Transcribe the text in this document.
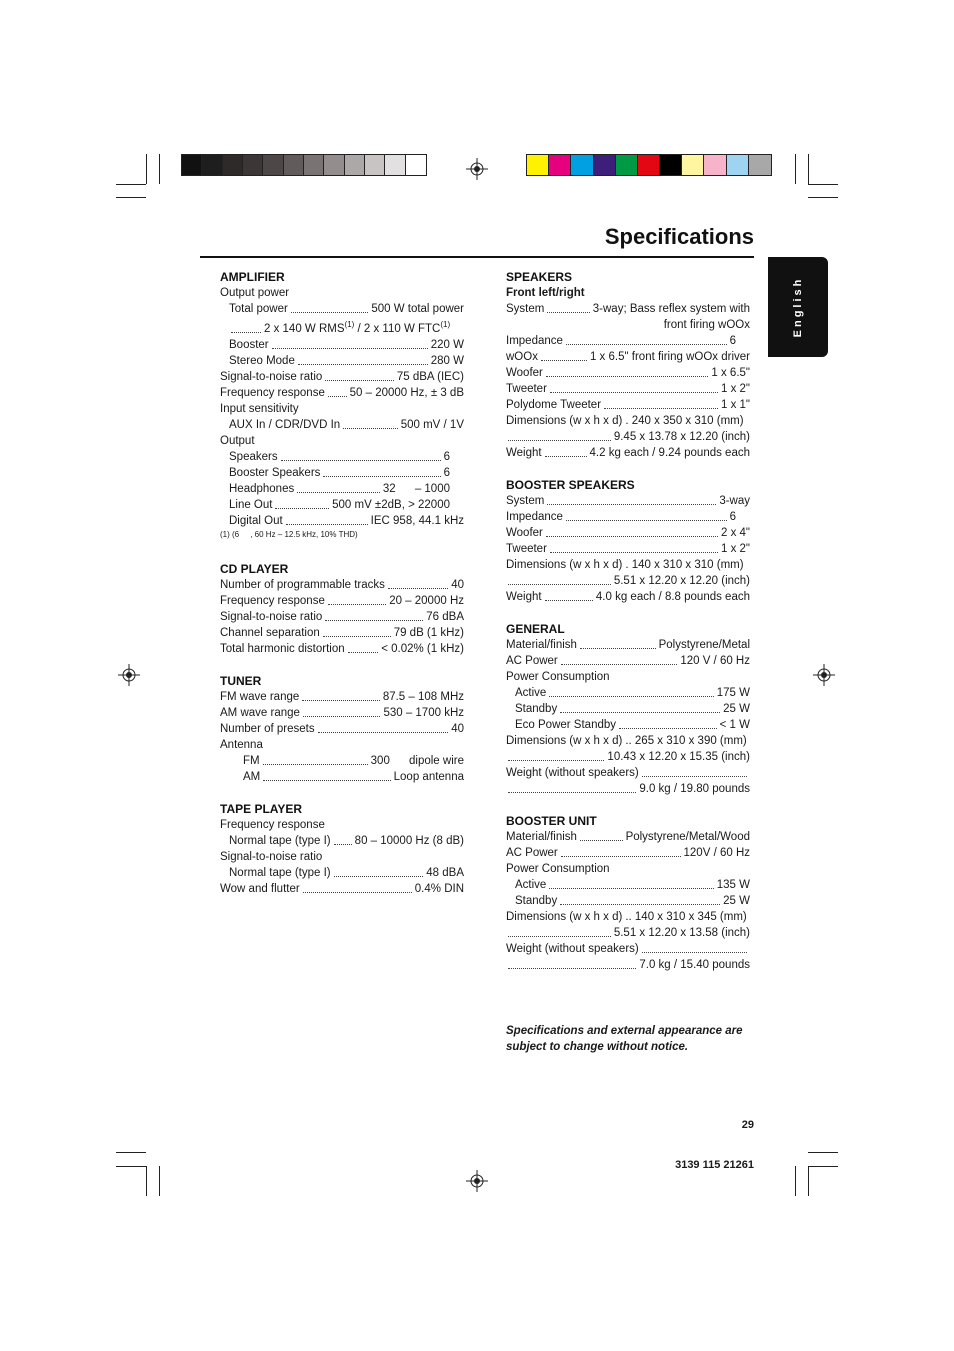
Specifications
English
AMPLIFIER
Output power
Total power	500 W total power
2 x 140 W RMS$^{(1)}$ / 2 x 110 W FTC$^{(1)}$
Booster	220 W
Stereo Mode	280 W
Signal-to-noise ratio	75 dBA (IEC)
Frequency response 50 – 20000 Hz, ± 3 dB
Input sensitivity
AUX In / CDR/DVD In	500 mV / 1V
Output
Speakers	6
Booster Speakers	6
Headphones	32      – 1000
Line Out	500 mV ±2dB, > 22000
Digital Out	IEC 958, 44.1 kHz
(1) (6     , 60 Hz – 12.5 kHz, 10% THD)
CD PLAYER
Number of programmable tracks	40
Frequency response	20 – 20000 Hz
Signal-to-noise ratio	76 dBA
Channel separation	79 dB (1 kHz)
Total harmonic distortion	< 0.02% (1 kHz)
TUNER
FM wave range	87.5 – 108 MHz
AM wave range	530 – 1700 kHz
Number of presets	40
Antenna
FM	300      dipole wire
AM	Loop antenna
TAPE PLAYER
Frequency response
Normal tape (type I) 80 – 10000 Hz (8 dB)
Signal-to-noise ratio
Normal tape (type I)	48 dBA
Wow and flutter	0.4% DIN
SPEAKERS
Front left/right
System	3-way; Bass reflex system with
front firing wOOx
Impedance	6
wOOx	1 x 6.5" front firing wOOx driver
Woofer	1 x 6.5"
Tweeter	1 x 2"
Polydome Tweeter	1 x 1"
Dimensions (w x h x d) . 240 x 350 x 310 (mm)
9.45 x 13.78 x 12.20 (inch)
Weight	4.2 kg each / 9.24 pounds each
BOOSTER SPEAKERS
System	3-way
Impedance	6
Woofer	2 x 4"
Tweeter	1 x 2"
Dimensions (w x h x d) . 140 x 310 x 310 (mm)
5.51 x 12.20 x 12.20 (inch)
Weight	4.0 kg each / 8.8 pounds each
GENERAL
Material/finish	Polystyrene/Metal
AC Power	120 V / 60 Hz
Power Consumption
Active	175 W
Standby	25 W
Eco Power Standby	< 1 W
Dimensions (w x h x d) .. 265 x 310 x 390 (mm)
10.43 x 12.20 x 15.35 (inch)
Weight (without speakers)
9.0 kg / 19.80 pounds
BOOSTER UNIT
Material/finish	Polystyrene/Metal/Wood
AC Power	120V / 60 Hz
Power Consumption
Active	135 W
Standby	25 W
Dimensions (w x h x d) .. 140 x 310 x 345 (mm)
5.51 x 12.20 x 13.58 (inch)
Weight (without speakers)
7.0 kg / 15.40 pounds
Specifications and external appearance are subject to change without notice.
29
3139 115 21261
